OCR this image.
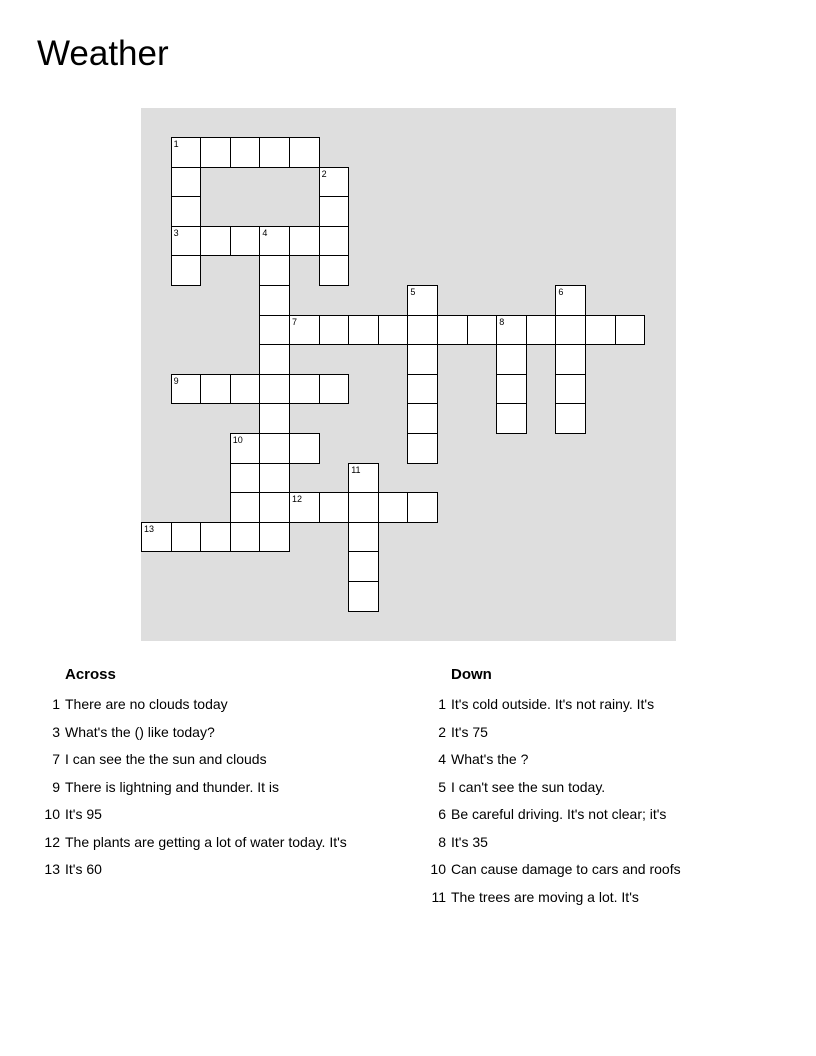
Weather
1
3
2
4
7	8
5	6
9
10
13
11
12
Across
1 There are no clouds today
3 What's the () like today?
7 I can see the the sun and clouds
9 There is lightning and thunder. It is
10 It's 95
12 The plants are getting a lot of water today. It's
13 It's 60
Down
1 It's cold outside. It's not rainy. It's
2 It's 75
4 What's the ?
5 I can't see the sun today.
6 Be careful driving. It's not clear; it's
8 It's 35
10 Can cause damage to cars and roofs
11 The trees are moving a lot. It's
